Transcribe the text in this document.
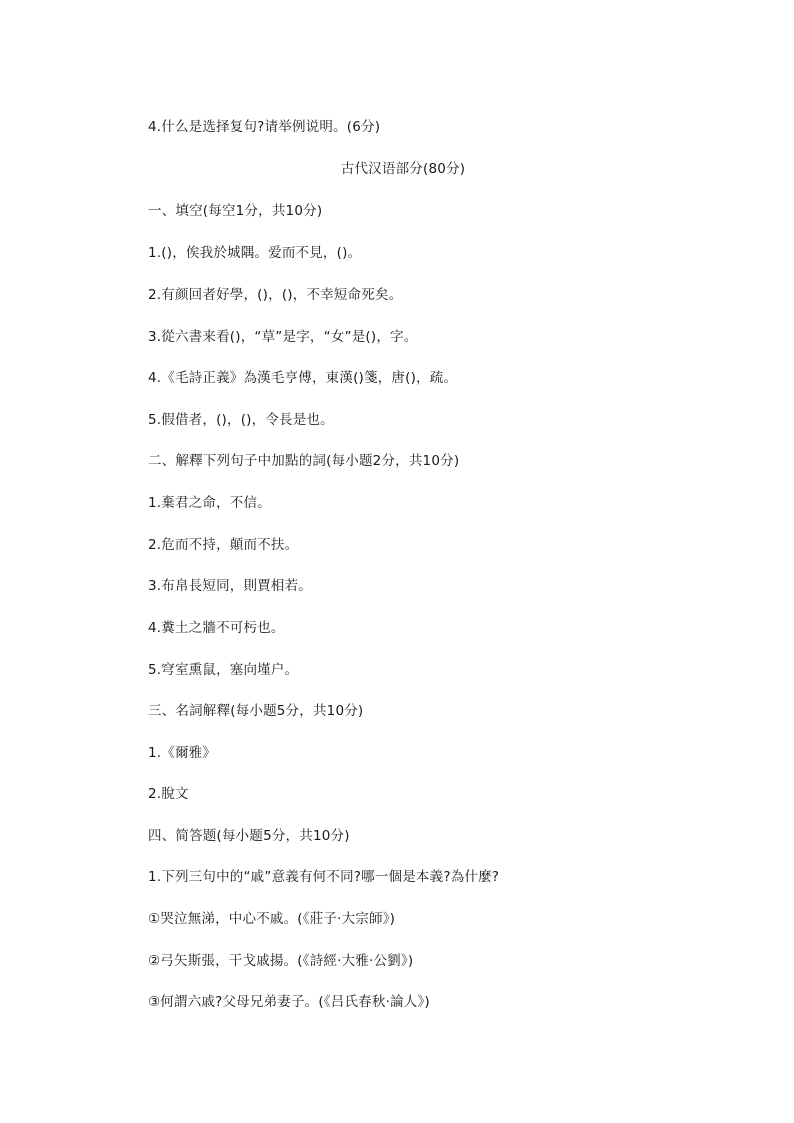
4.什么是选择复句?请举例说明。(6分)
古代汉语部分(80分)
一、填空(每空1分，共10分)
1.()，俟我於城隅。爱而不見，()。
2.有颜回者好學，()，()，不幸短命死矣。
3.從六書来看()，“草”是字，“女”是()，字。
4.《毛詩正義》為漢毛亨傅，東漢()箋，唐()，疏。
5.假借者，()，()，令長是也。
二、解釋下列句子中加點的詞(每小题2分，共10分)
1.棄君之命，不信。
2.危而不持，顛而不扶。
3.布帛長短同，則賈相若。
4.糞土之牆不可杇也。
5.穹室熏鼠，塞向墐户。
三、名詞解釋(每小题5分，共10分)
1.《爾雅》
2.脫文
四、简答题(每小题5分，共10分)
1.下列三句中的“戚”意義有何不同?哪一個是本義?為什麼?
①哭泣無涕，中心不戚。(《莊子·大宗師》)
②弓矢斯張，干戈戚揚。(《詩經·大雅·公劉》)
③何謂六戚?父母兄弟妻子。(《吕氏春秋·論人》)
